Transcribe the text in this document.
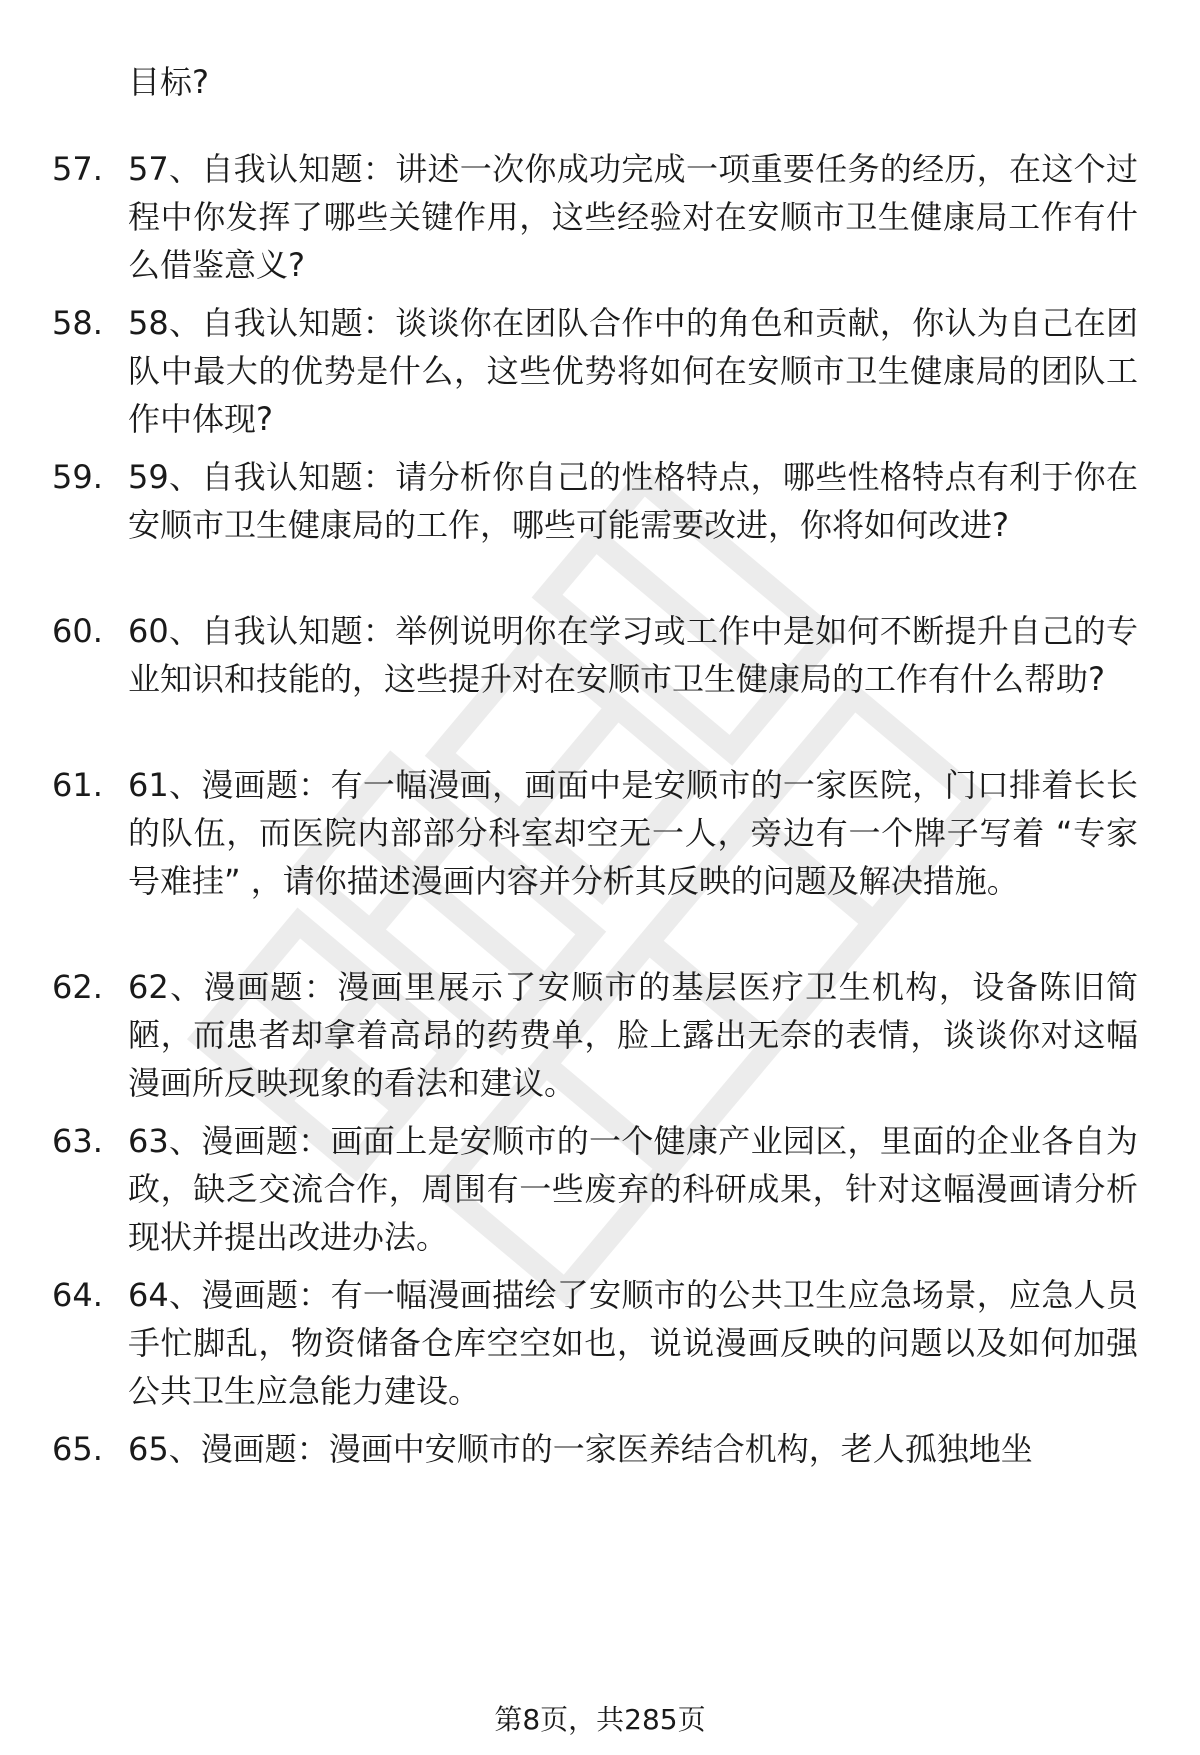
目标?
57. 57、自我认知题：讲述一次你成功完成一项重要任务的经历，在这个过程中你发挥了哪些关键作用，这些经验对在安顺市卫生健康局工作有什么借鉴意义?
58. 58、自我认知题：谈谈你在团队合作中的角色和贡献，你认为自己在团队中最大的优势是什么，这些优势将如何在安顺市卫生健康局的团队工作中体现?
59. 59、自我认知题：请分析你自己的性格特点，哪些性格特点有利于你在安顺市卫生健康局的工作，哪些可能需要改进，你将如何改进?
60. 60、自我认知题：举例说明你在学习或工作中是如何不断提升自己的专业知识和技能的，这些提升对在安顺市卫生健康局的工作有什么帮助?
61. 61、漫画题：有一幅漫画，画面中是安顺市的一家医院，门口排着长长的队伍，而医院内部部分科室却空无一人，旁边有一个牌子写着 “专家号难挂” ，请你描述漫画内容并分析其反映的问题及解决措施。
62. 62、漫画题：漫画里展示了安顺市的基层医疗卫生机构，设备陈旧简陋，而患者却拿着高昂的药费单，脸上露出无奈的表情，谈谈你对这幅漫画所反映现象的看法和建议。
63. 63、漫画题：画面上是安顺市的一个健康产业园区，里面的企业各自为政，缺乏交流合作，周围有一些废弃的科研成果，针对这幅漫画请分析现状并提出改进办法。
64. 64、漫画题：有一幅漫画描绘了安顺市的公共卫生应急场景，应急人员手忙脚乱，物资储备仓库空空如也，说说漫画反映的问题以及如何加强公共卫生应急能力建设。
65. 65、漫画题：漫画中安顺市的一家医养结合机构，老人孤独地坐
第8页，共285页
